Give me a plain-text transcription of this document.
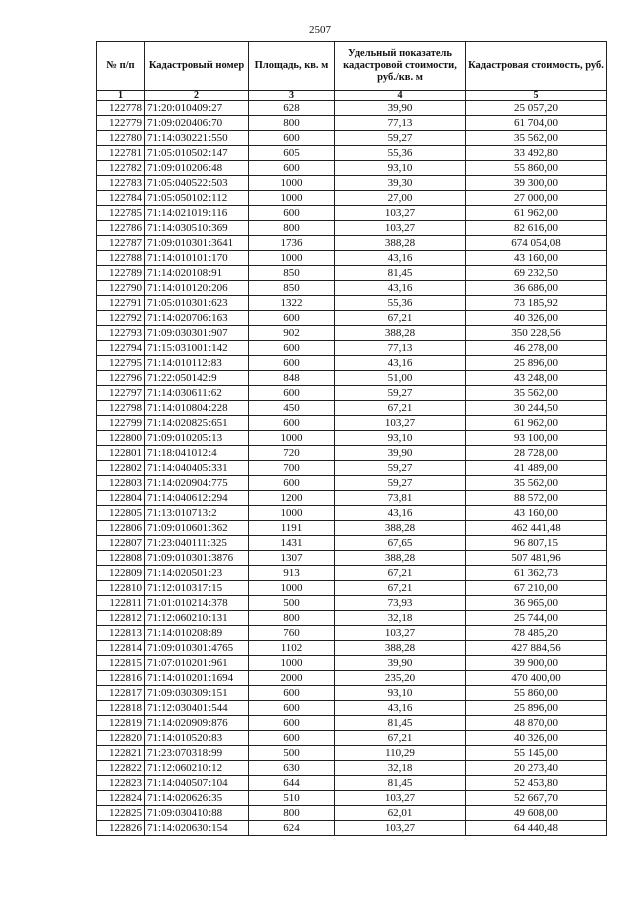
2507
№ п/п	Кадастровый номер	Площадь, кв. м	Удельный показатель кадастровой стоимости, руб./кв. м	Кадастровая стоимость, руб.
1	2	3	4	5
122778	71:20:010409:27	628	39,90	25 057,20
122779	71:09:020406:70	800	77,13	61 704,00
122780	71:14:030221:550	600	59,27	35 562,00
122781	71:05:010502:147	605	55,36	33 492,80
122782	71:09:010206:48	600	93,10	55 860,00
122783	71:05:040522:503	1000	39,30	39 300,00
122784	71:05:050102:112	1000	27,00	27 000,00
122785	71:14:021019:116	600	103,27	61 962,00
122786	71:14:030510:369	800	103,27	82 616,00
122787	71:09:010301:3641	1736	388,28	674 054,08
122788	71:14:010101:170	1000	43,16	43 160,00
122789	71:14:020108:91	850	81,45	69 232,50
122790	71:14:010120:206	850	43,16	36 686,00
122791	71:05:010301:623	1322	55,36	73 185,92
122792	71:14:020706:163	600	67,21	40 326,00
122793	71:09:030301:907	902	388,28	350 228,56
122794	71:15:031001:142	600	77,13	46 278,00
122795	71:14:010112:83	600	43,16	25 896,00
122796	71:22:050142:9	848	51,00	43 248,00
122797	71:14:030611:62	600	59,27	35 562,00
122798	71:14:010804:228	450	67,21	30 244,50
122799	71:14:020825:651	600	103,27	61 962,00
122800	71:09:010205:13	1000	93,10	93 100,00
122801	71:18:041012:4	720	39,90	28 728,00
122802	71:14:040405:331	700	59,27	41 489,00
122803	71:14:020904:775	600	59,27	35 562,00
122804	71:14:040612:294	1200	73,81	88 572,00
122805	71:13:010713:2	1000	43,16	43 160,00
122806	71:09:010601:362	1191	388,28	462 441,48
122807	71:23:040111:325	1431	67,65	96 807,15
122808	71:09:010301:3876	1307	388,28	507 481,96
122809	71:14:020501:23	913	67,21	61 362,73
122810	71:12:010317:15	1000	67,21	67 210,00
122811	71:01:010214:378	500	73,93	36 965,00
122812	71:12:060210:131	800	32,18	25 744,00
122813	71:14:010208:89	760	103,27	78 485,20
122814	71:09:010301:4765	1102	388,28	427 884,56
122815	71:07:010201:961	1000	39,90	39 900,00
122816	71:14:010201:1694	2000	235,20	470 400,00
122817	71:09:030309:151	600	93,10	55 860,00
122818	71:12:030401:544	600	43,16	25 896,00
122819	71:14:020909:876	600	81,45	48 870,00
122820	71:14:010520:83	600	67,21	40 326,00
122821	71:23:070318:99	500	110,29	55 145,00
122822	71:12:060210:12	630	32,18	20 273,40
122823	71:14:040507:104	644	81,45	52 453,80
122824	71:14:020626:35	510	103,27	52 667,70
122825	71:09:030410:88	800	62,01	49 608,00
122826	71:14:020630:154	624	103,27	64 440,48
